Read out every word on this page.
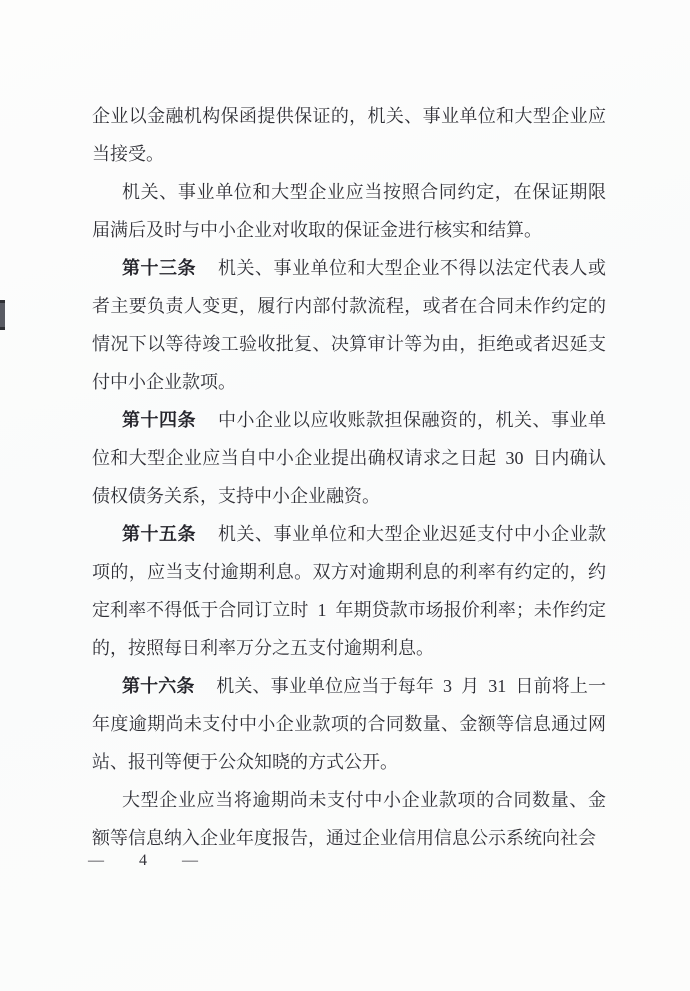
企业以金融机构保函提供保证的，机关、事业单位和大型企业应当接受。

机关、事业单位和大型企业应当按照合同约定，在保证期限届满后及时与中小企业对收取的保证金进行核实和结算。

第十三条 机关、事业单位和大型企业不得以法定代表人或者主要负责人变更，履行内部付款流程，或者在合同未作约定的情况下以等待竣工验收批复、决算审计等为由，拒绝或者迟延支付中小企业款项。

第十四条 中小企业以应收账款担保融资的，机关、事业单位和大型企业应当自中小企业提出确权请求之日起 30 日内确认债权债务关系，支持中小企业融资。

第十五条 机关、事业单位和大型企业迟延支付中小企业款项的，应当支付逾期利息。双方对逾期利息的利率有约定的，约定利率不得低于合同订立时 1 年期贷款市场报价利率；未作约定的，按照每日利率万分之五支付逾期利息。

第十六条 机关、事业单位应当于每年 3 月 31 日前将上一年度逾期尚未支付中小企业款项的合同数量、金额等信息通过网站、报刊等便于公众知晓的方式公开。

大型企业应当将逾期尚未支付中小企业款项的合同数量、金额等信息纳入企业年度报告，通过企业信用信息公示系统向社会

—  4  —
